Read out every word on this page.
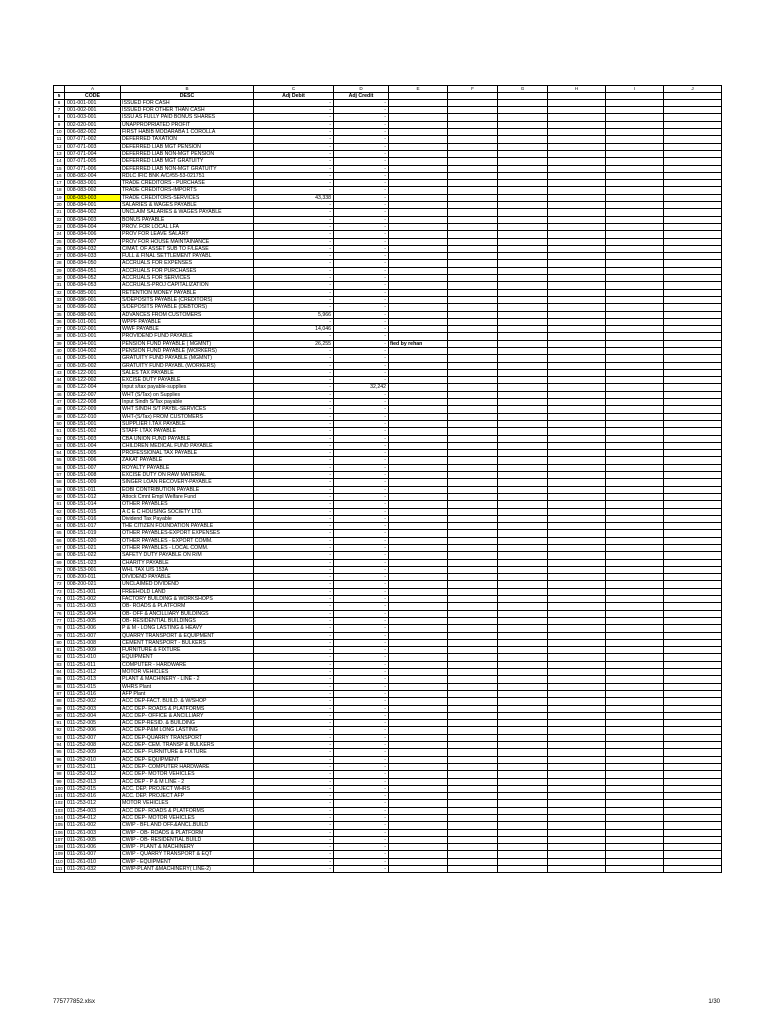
	A	B	C	D	E	F	G	H	I	J
5	CODE	DESC	Adj Debit	Adj Credit						
6	001-001-001	ISSUED FOR CASH	-	-						
7	001-002-001	ISSUED FOR OTHER THAN CASH	-	-						
8	001-003-001	ISSU AS FULLY PAID BONUS SHARES	-	-						
9	002-020-001	UNAPPROPRIATED PROFIT	-	-						
10	006-082-002	FIRST HABIB MODARABA 1 COROLLA	-	-						
11	007-071-002	DEFERRED TAXATION	-	-						
12	007-071-003	DEFERRED LIAB MGT PENSION	-	-						
13	007-071-004	DEFERRED LIAB NON-MGT PENSION	-	-						
14	007-071-005	DEFERRED LIAB MGT GRATUITY	-	-						
15	007-071-006	DEFERRED LIAB NON-MGT GRATUITY	-	-						
16	008-082-004	RDLC IFIC BNK A/C#55-53-021751	-	-						
17	008-083-001	TRADE CREDITORS - PURCHASE	-	-						
18	008-083-002	TRADE CREDITORS-IMPORTS	-	-						
19	008-083-003	TRADE CREDITORS-SERVICES	43,338	-						
20	008-084-001	SALARIES & WAGES PAYABLE	-	-						
21	008-084-002	UNCLAIM SALARIES & WAGES PAYABLE	-	-						
22	008-084-003	BONUS PAYABLE	-	-						
23	008-084-004	PROV. FOR LOCAL LFA	-	-						
24	008-084-006	PROV FOR LEAVE SALARY	-	-						
25	008-084-007	PROV FOR HOUSE MAINTAINANCE	-	-						
26	008-084-032	C/MAT. OF ASSET SUB TO F/LEASE	-	-						
27	008-084-033	FULL & FINAL SETTLEMENT PAYABL	-	-						
28	008-084-050	ACCRUALS FOR EXPENSES	-	-						
29	008-084-051	ACCRUALS FOR PURCHASES	-	-						
30	008-084-052	ACCRUALS FOR SERVICES	-	-						
31	008-084-053	ACCRUALS-PROJ CAPITALIZATION	-	-						
32	008-085-001	RETENTION MONEY PAYABLE	-	-						
33	008-086-001	S/DEPOSITS PAYABLE (CREDITORS)	-	-						
34	008-086-002	S/DEPOSITS PAYABLE (DEBTORS)	-	-						
35	008-088-001	ADVANCES FROM CUSTOMERS	5,966	-						
36	008-101-001	WPPF PAYABLE	-	-						
37	008-102-001	WWF PAYABLE	14,046	-						
38	008-103-001	PROVIDEND FUND PAYABLE	-	-						
39	008-104-001	PENSION FUND PAYABLE ( MGMNT)	26,255	-	fied by rehan					
40	008-104-002	PENSION FUND PAYABLE (WORKERS)	-	-						
41	008-105-001	GRATUITY FUND PAYABLE (MGMNT)	-	-						
42	008-105-002	GRATUITY FUND PAYABL (WORKERS)	-	-						
43	008-122-001	SALES TAX PAYABLE	-	-						
44	008-122-002	EXCISE DUTY PAYABLE	-	-						
45	008-122-004	Input s/tax payable-supplies	-	32,242						
46	008-122-007	WHT (S/Tax) on Supplies	-	-						
47	008-122-008	Input Sindh S/Tax payable	-	-						
48	008-122-009	WHT SINDH S/T PAYBL-SERVICES	-	-						
49	008-122-010	WHT-(S/Tax) FROM CUSTOMERS	-	-						
50	008-151-001	SUPPLIER I.TAX PAYABLE	-	-						
51	008-151-002	STAFF I.TAX PAYABLE	-	-						
52	008-151-003	CBA UNION FUND PAYABLE	-	-						
53	008-151-004	CHILDREN MEDICAL FUND PAYABLE	-	-						
54	008-151-005	PROFESSIONAL TAX PAYABLE	-	-						
55	008-151-006	ZAKAT PAYABLE	-	-						
56	008-151-007	ROYALTY PAYABLE	-	-						
57	008-151-008	EXCISE DUTY ON RAW MATERIAL	-	-						
58	008-151-009	SINGER LOAN RECOVERY-PAYABLE	-	-						
59	008-151-011	EOBI CONTRIBUTION PAYABLE	-	-						
60	008-151-012	Attock Cmnt Empl Welfare Fund	-	-						
61	008-151-014	OTHER PAYABLES	-	-						
62	008-151-015	A C E C HOUSING SOCIETY LTD.	-	-						
63	008-151-016	Dividend Tax Payable	-	-						
64	008-151-017	THE CITIZEN FOUNDATION PAYABLE	-	-						
65	008-151-019	OTHER PAYABLES-EXPORT EXPENSES	-	-						
66	008-151-020	OTHER PAYABLES - EXPORT COMM.	-	-						
67	008-151-021	OTHER PAYABLES - LOCAL COMM.	-	-						
68	008-151-022	SAFETY DUTY PAYABLE ON R/M	-	-						
69	008-151-023	CHARITY PAYABLE	-	-						
70	008-153-001	WHL TAX U/S 153A	-	-						
71	008-200-011	DIVIDEND PAYABLE	-	-						
72	008-200-021	UNCLAIMED DIVIDEND	-	-						
73	011-251-001	FREEHOLD LAND	-	-						
74	011-251-002	FACTORY BUILDING & WORKSHOPS	-	-						
75	011-251-003	OB- ROADS & PLATFORM	-	-						
76	011-251-004	OB- OFF & ANCILLIARY BUILDINGS	-	-						
77	011-251-005	OB- RESIDENTIAL BUILDINGS	-	-						
78	011-251-006	P & M - LONG LASTING & HEAVY	-	-						
79	011-251-007	QUARRY TRANSPORT & EQUIPMENT	-	-						
80	011-251-008	CEMENT TRANSPORT - BULKERS	-	-						
81	011-251-009	FURNITURE & FIXTURE	-	-						
82	011-251-010	EQUIPMENT	-	-						
83	011-251-011	COMPUTER - HARDWARE	-	-						
84	011-251-012	MOTOR VEHICLES	-	-						
85	011-251-013	PLANT & MACHINERY - LINE - 2	-	-						
86	011-251-015	WHRS Plant	-	-						
87	011-251-016	AFP Plant	-	-						
88	011-252-002	ACC DEP-FACT. BUILD. & W/SHOP	-	-						
89	011-252-003	ACC DEP- ROADS & PLATFORMS	-	-						
90	011-252-004	ACC DEP- OFFICE & ANCILLIARY	-	-						
91	011-252-005	ACC DEP-RESID. & BUILDING	-	-						
92	011-252-006	ACC DEP-P&M LONG LASTING	-	-						
93	011-252-007	ACC DEP-QUARRY TRANSPORT	-	-						
94	011-252-008	ACC DEP- CEM. TRANSP & BULKERS	-	-						
95	011-252-009	ACC DEP- FURNITURE & FIXTURE	-	-						
96	011-252-010	ACC DEP- EQUIPMENT	-	-						
97	011-252-011	ACC DEP- COMPUTER HARDWARE	-	-						
98	011-252-012	ACC DEP- MOTOR VEHICLES	-	-						
99	011-252-013	ACC DEP - P & M LINE - 2	-	-						
100	011-252-015	ACC. DEP. PROJECT WHRS	-	-						
101	011-252-016	ACC. DEP. PROJECT AFP	-	-						
102	011-253-012	MOTOR VEHICLES	-	-						
103	011-254-003	ACC DEP- ROADS & PLATFORMS	-	-						
104	011-254-012	ACC DEP- MOTOR VEHICLES	-	-						
105	011-261-002	CWIP - BFL AND OFF.&ANCL.BUILD	-	-						
106	011-261-003	CWIP - OB- ROADS & PLATFORM	-	-						
107	011-261-005	CWIP - OB- RESIDENTIAL BUILD	-	-						
108	011-261-006	CWIP - PLANT & MACHINERY	-	-						
109	011-261-007	CWIP - QUARRY TRANSPORT & EQT	-	-						
110	011-261-010	CWIP - EQUIPMENT	-	-						
111	011-261-032	CWIP-PLANT &MACHINERY( LINE-2)	-	-						
775777852.xlsx	1/30
